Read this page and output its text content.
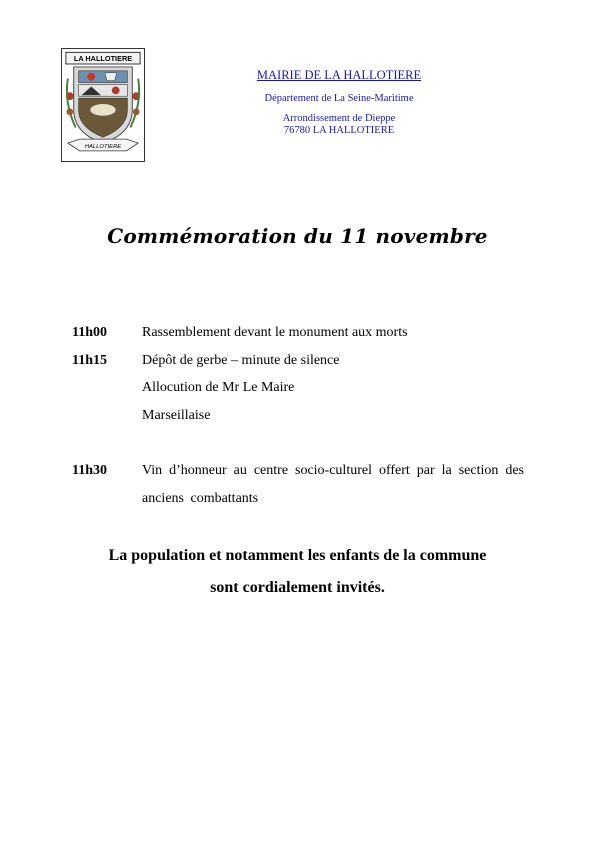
LA HALLOTIERE
HALLOTIERE
MAIRIE DE LA HALLOTIERE
Département de La Seine-Maritime
Arrondissement de Dieppe
76780 LA HALLOTIERE
Commémoration du 11 novembre
11h00 Rassemblement devant le monument aux morts
11h15 Dépôt de gerbe – minute de silence
Allocution de Mr Le Maire
Marseillaise
11h30 Vin d’honneur au centre socio-culturel offert par la section des anciens combattants
La population et notamment les enfants de la commune
sont cordialement invités.
